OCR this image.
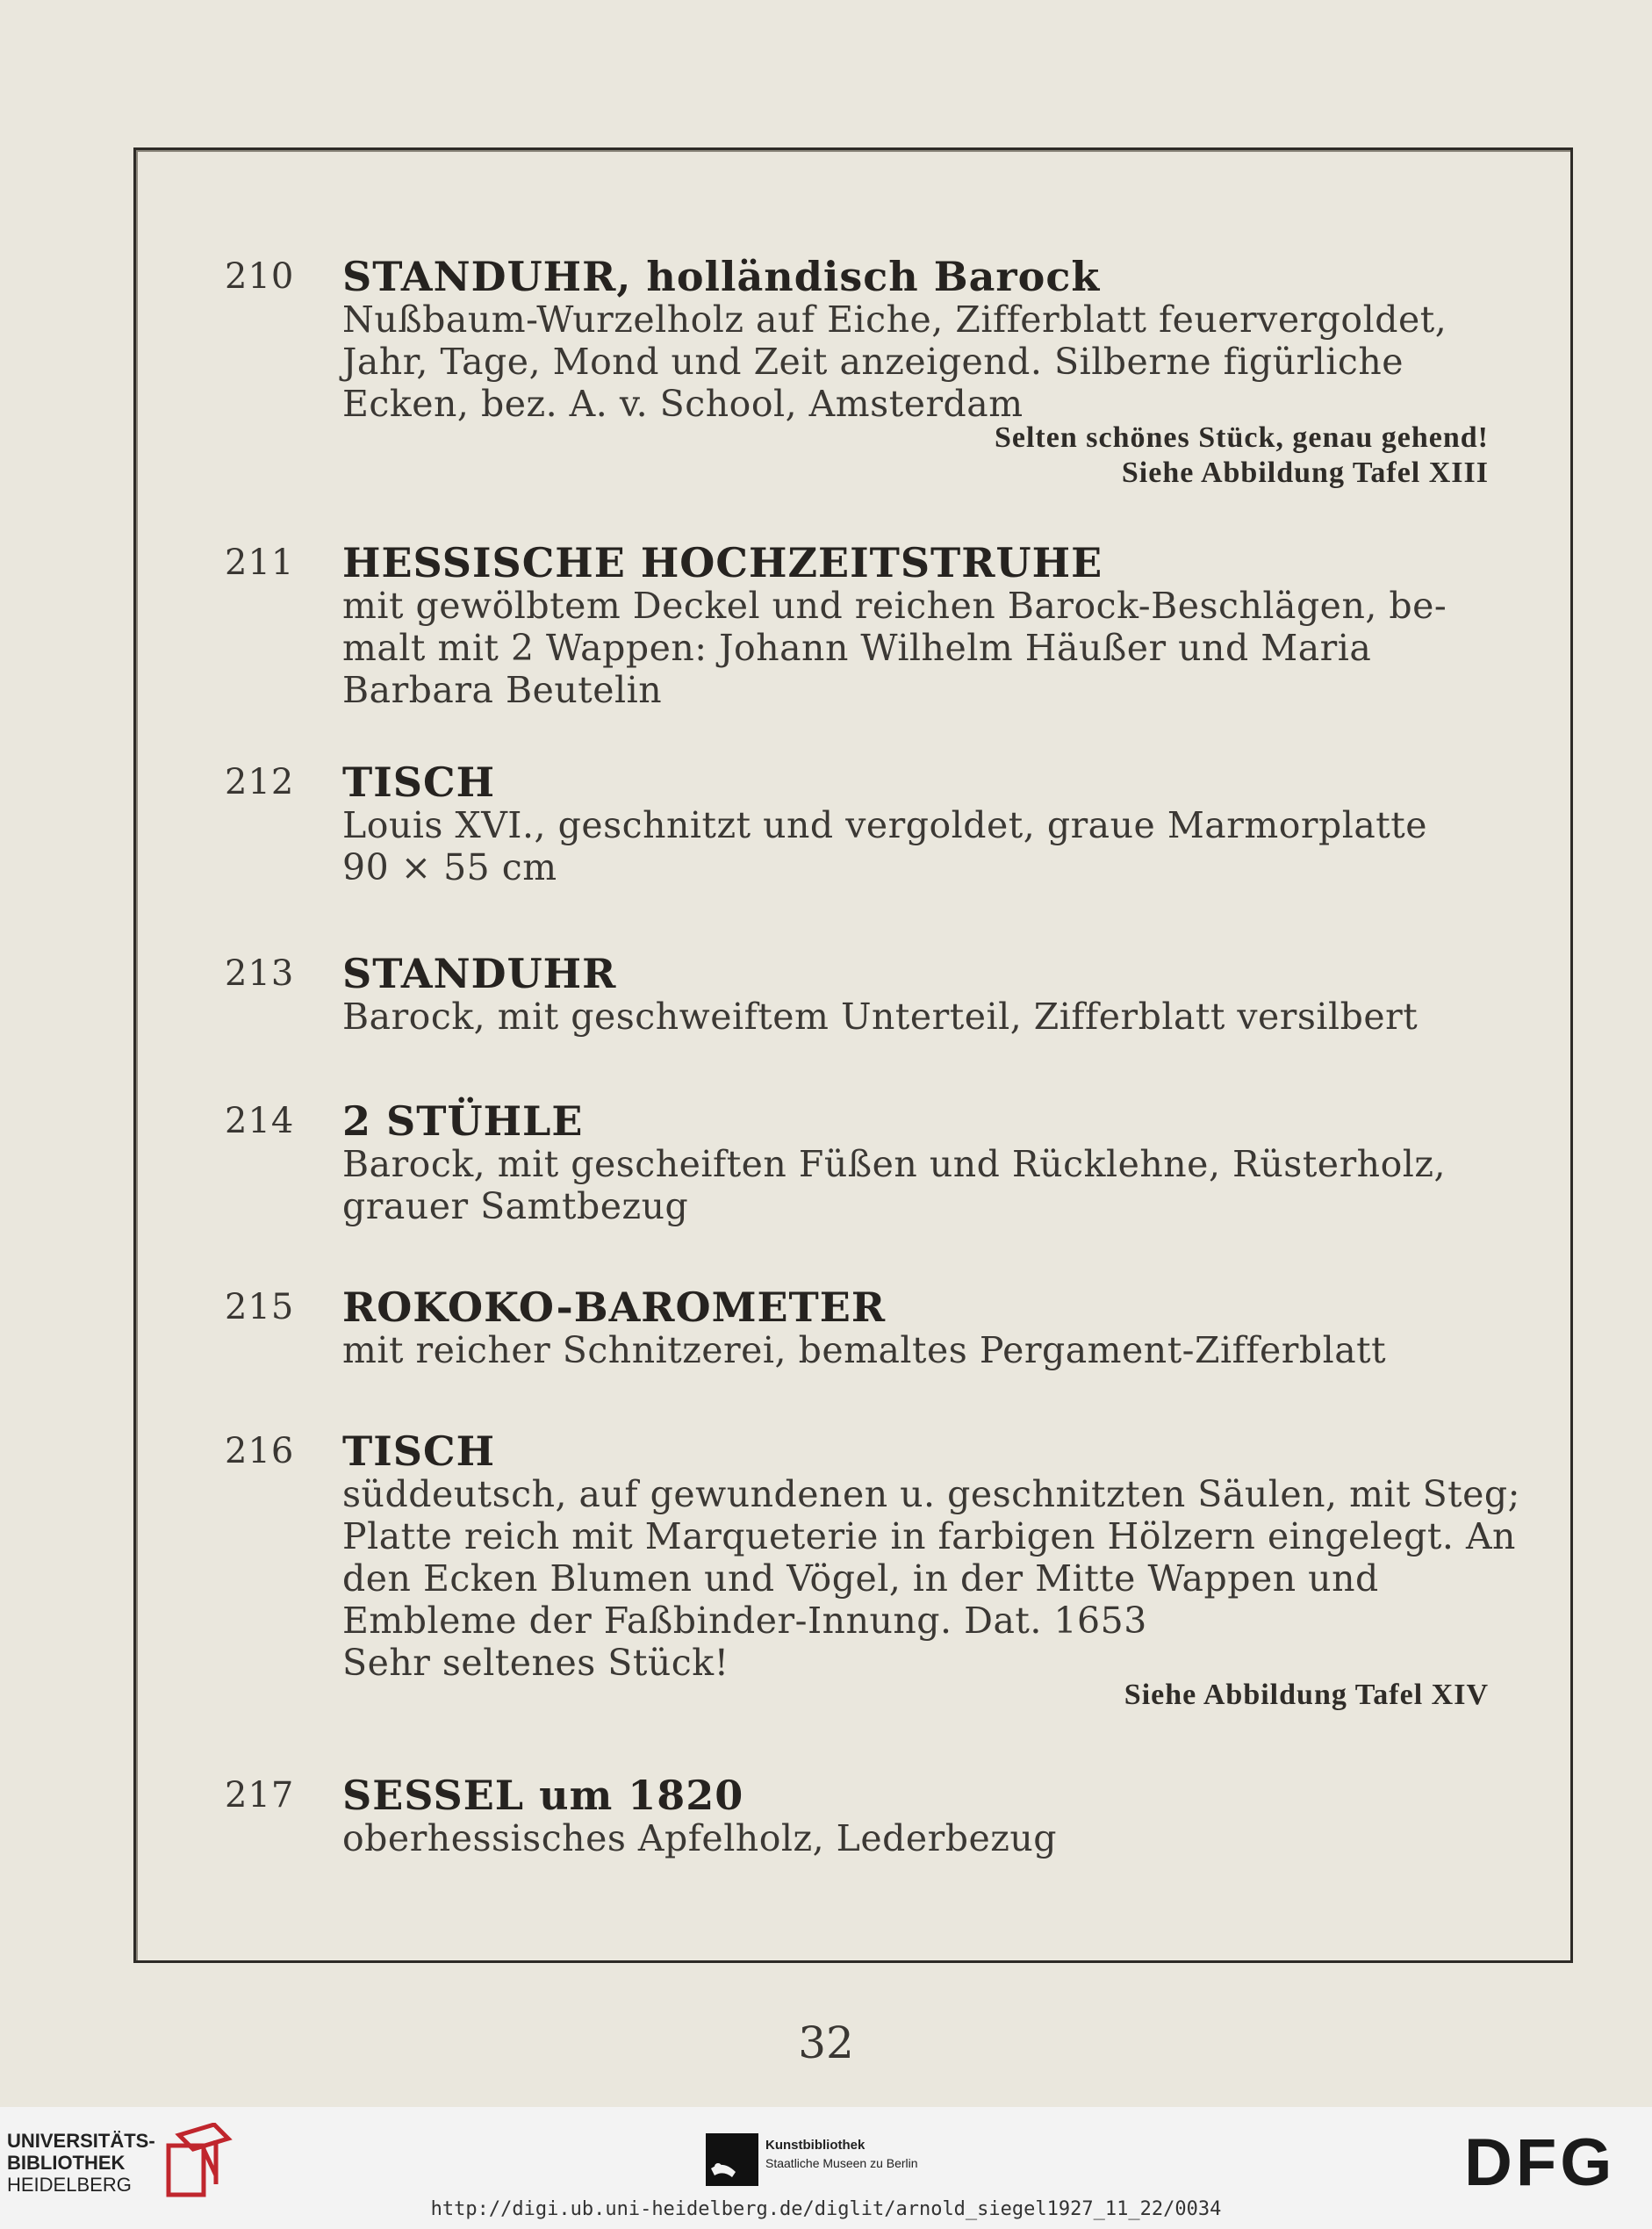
210	STANDUHR, holländisch Barock
Nußbaum-Wurzelholz auf Eiche, Zifferblatt feuervergoldet,
Jahr, Tage, Mond und Zeit anzeigend. Silberne figürliche
Ecken, bez. A. v. School, Amsterdam
Selten schönes Stück, genau gehend!
Siehe Abbildung Tafel XIII
211	HESSISCHE HOCHZEITSTRUHE
mit gewölbtem Deckel und reichen Barock-Beschlägen, be-
malt mit 2 Wappen: Johann Wilhelm Häußer und Maria
Barbara Beutelin
212	TISCH
Louis XVI., geschnitzt und vergoldet, graue Marmorplatte
90 × 55 cm
213	STANDUHR
Barock, mit geschweiftem Unterteil, Zifferblatt versilbert
214	2 STÜHLE
Barock, mit gescheiften Füßen und Rücklehne, Rüsterholz,
grauer Samtbezug
215	ROKOKO-BAROMETER
mit reicher Schnitzerei, bemaltes Pergament-Zifferblatt
216	TISCH
süddeutsch, auf gewundenen u. geschnitzten Säulen, mit Steg;
Platte reich mit Marqueterie in farbigen Hölzern eingelegt. An
den Ecken Blumen und Vögel, in der Mitte Wappen und
Embleme der Faßbinder-Innung. Dat. 1653
Sehr seltenes Stück!
Siehe Abbildung Tafel XIV
217	SESSEL um 1820
oberhessisches Apfelholz, Lederbezug
32
UNIVERSITÄTS-
BIBLIOTHEK
HEIDELBERG
Kunstbibliothek
Staatliche Museen zu Berlin	DFG
http://digi.ub.uni-heidelberg.de/diglit/arnold_siegel1927_11_22/0034
